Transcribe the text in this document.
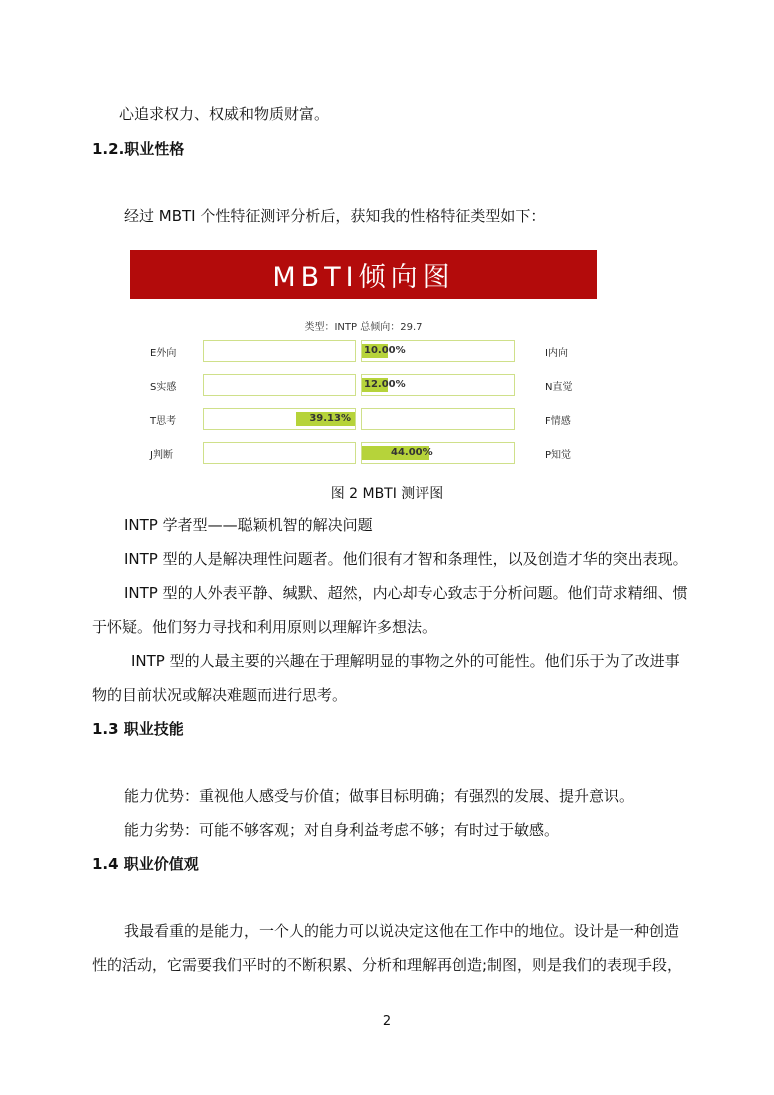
心追求权力、权威和物质财富。
1.2.职业性格
经过 MBTI 个性特征测评分析后，获知我的性格特征类型如下：
MBTI倾向图
类型：INTP 总倾向：29.7
E外向	10.00%	I内向
S实感	12.00%	N直觉
T思考	39.13%	F情感
J判断	44.00%	P知觉
图 2 MBTI 测评图
INTP 学者型——聪颖机智的解决问题
INTP 型的人是解决理性问题者。他们很有才智和条理性，以及创造才华的突出表现。
INTP 型的人外表平静、缄默、超然，内心却专心致志于分析问题。他们苛求精细、惯
于怀疑。他们努力寻找和利用原则以理解许多想法。
INTP 型的人最主要的兴趣在于理解明显的事物之外的可能性。他们乐于为了改进事
物的目前状况或解决难题而进行思考。
1.3 职业技能
能力优势：重视他人感受与价值；做事目标明确；有强烈的发展、提升意识。
能力劣势：可能不够客观；对自身利益考虑不够；有时过于敏感。
1.4 职业价值观
我最看重的是能力，一个人的能力可以说决定这他在工作中的地位。设计是一种创造
性的活动，它需要我们平时的不断积累、分析和理解再创造;制图，则是我们的表现手段，
2
